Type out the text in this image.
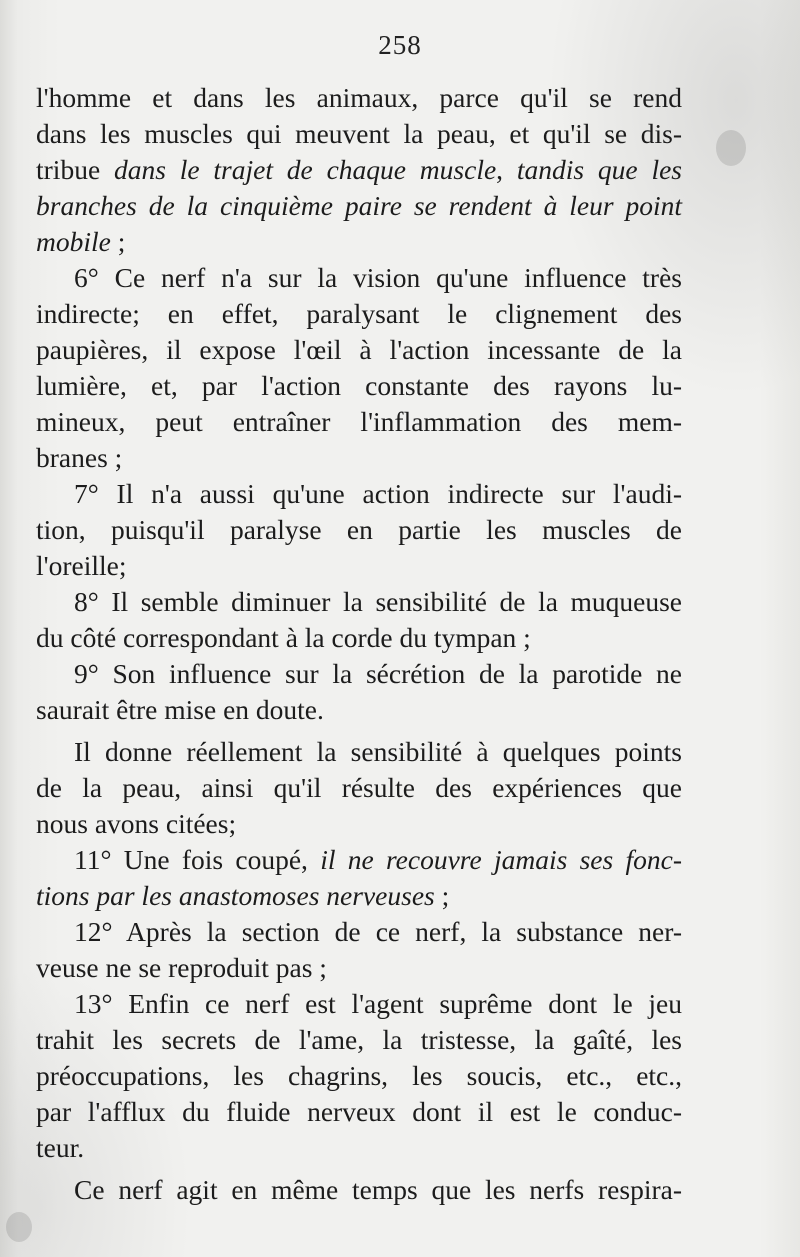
258
l'homme et dans les animaux, parce qu'il se rend
dans les muscles qui meuvent la peau, et qu'il se dis-
tribue dans le trajet de chaque muscle, tandis que les
branches de la cinquième paire se rendent à leur point
mobile ;
6° Ce nerf n'a sur la vision qu'une influence très
indirecte; en effet, paralysant le clignement des
paupières, il expose l'œil à l'action incessante de la
lumière, et, par l'action constante des rayons lu-
mineux, peut entraîner l'inflammation des mem-
branes ;
7° Il n'a aussi qu'une action indirecte sur l'audi-
tion, puisqu'il paralyse en partie les muscles de
l'oreille;
8° Il semble diminuer la sensibilité de la muqueuse
du côté correspondant à la corde du tympan ;
9° Son influence sur la sécrétion de la parotide ne
saurait être mise en doute.
Il donne réellement la sensibilité à quelques points
de la peau, ainsi qu'il résulte des expériences que
nous avons citées;
11° Une fois coupé, il ne recouvre jamais ses fonc-
tions par les anastomoses nerveuses ;
12° Après la section de ce nerf, la substance ner-
veuse ne se reproduit pas ;
13° Enfin ce nerf est l'agent suprême dont le jeu
trahit les secrets de l'ame, la tristesse, la gaîté, les
préoccupations, les chagrins, les soucis, etc., etc.,
par l'afflux du fluide nerveux dont il est le conduc-
teur.
Ce nerf agit en même temps que les nerfs respira-
